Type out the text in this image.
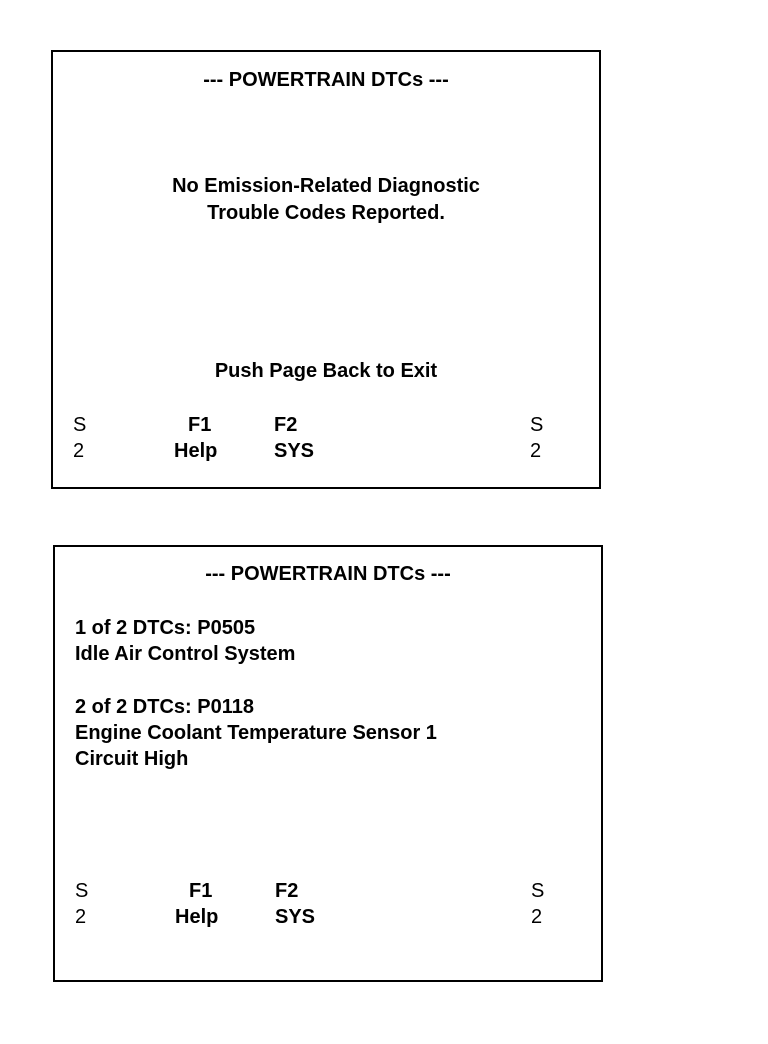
--- POWERTRAIN DTCs ---
No Emission-Related Diagnostic
Trouble Codes Reported.
Push Page Back to Exit
S
2
F1
Help
F2
SYS
S
2
--- POWERTRAIN DTCs ---
1 of 2 DTCs: P0505
Idle Air Control System
2 of 2 DTCs: P0118
Engine Coolant Temperature Sensor 1
Circuit High
S
2
F1
Help
F2
SYS
S
2
